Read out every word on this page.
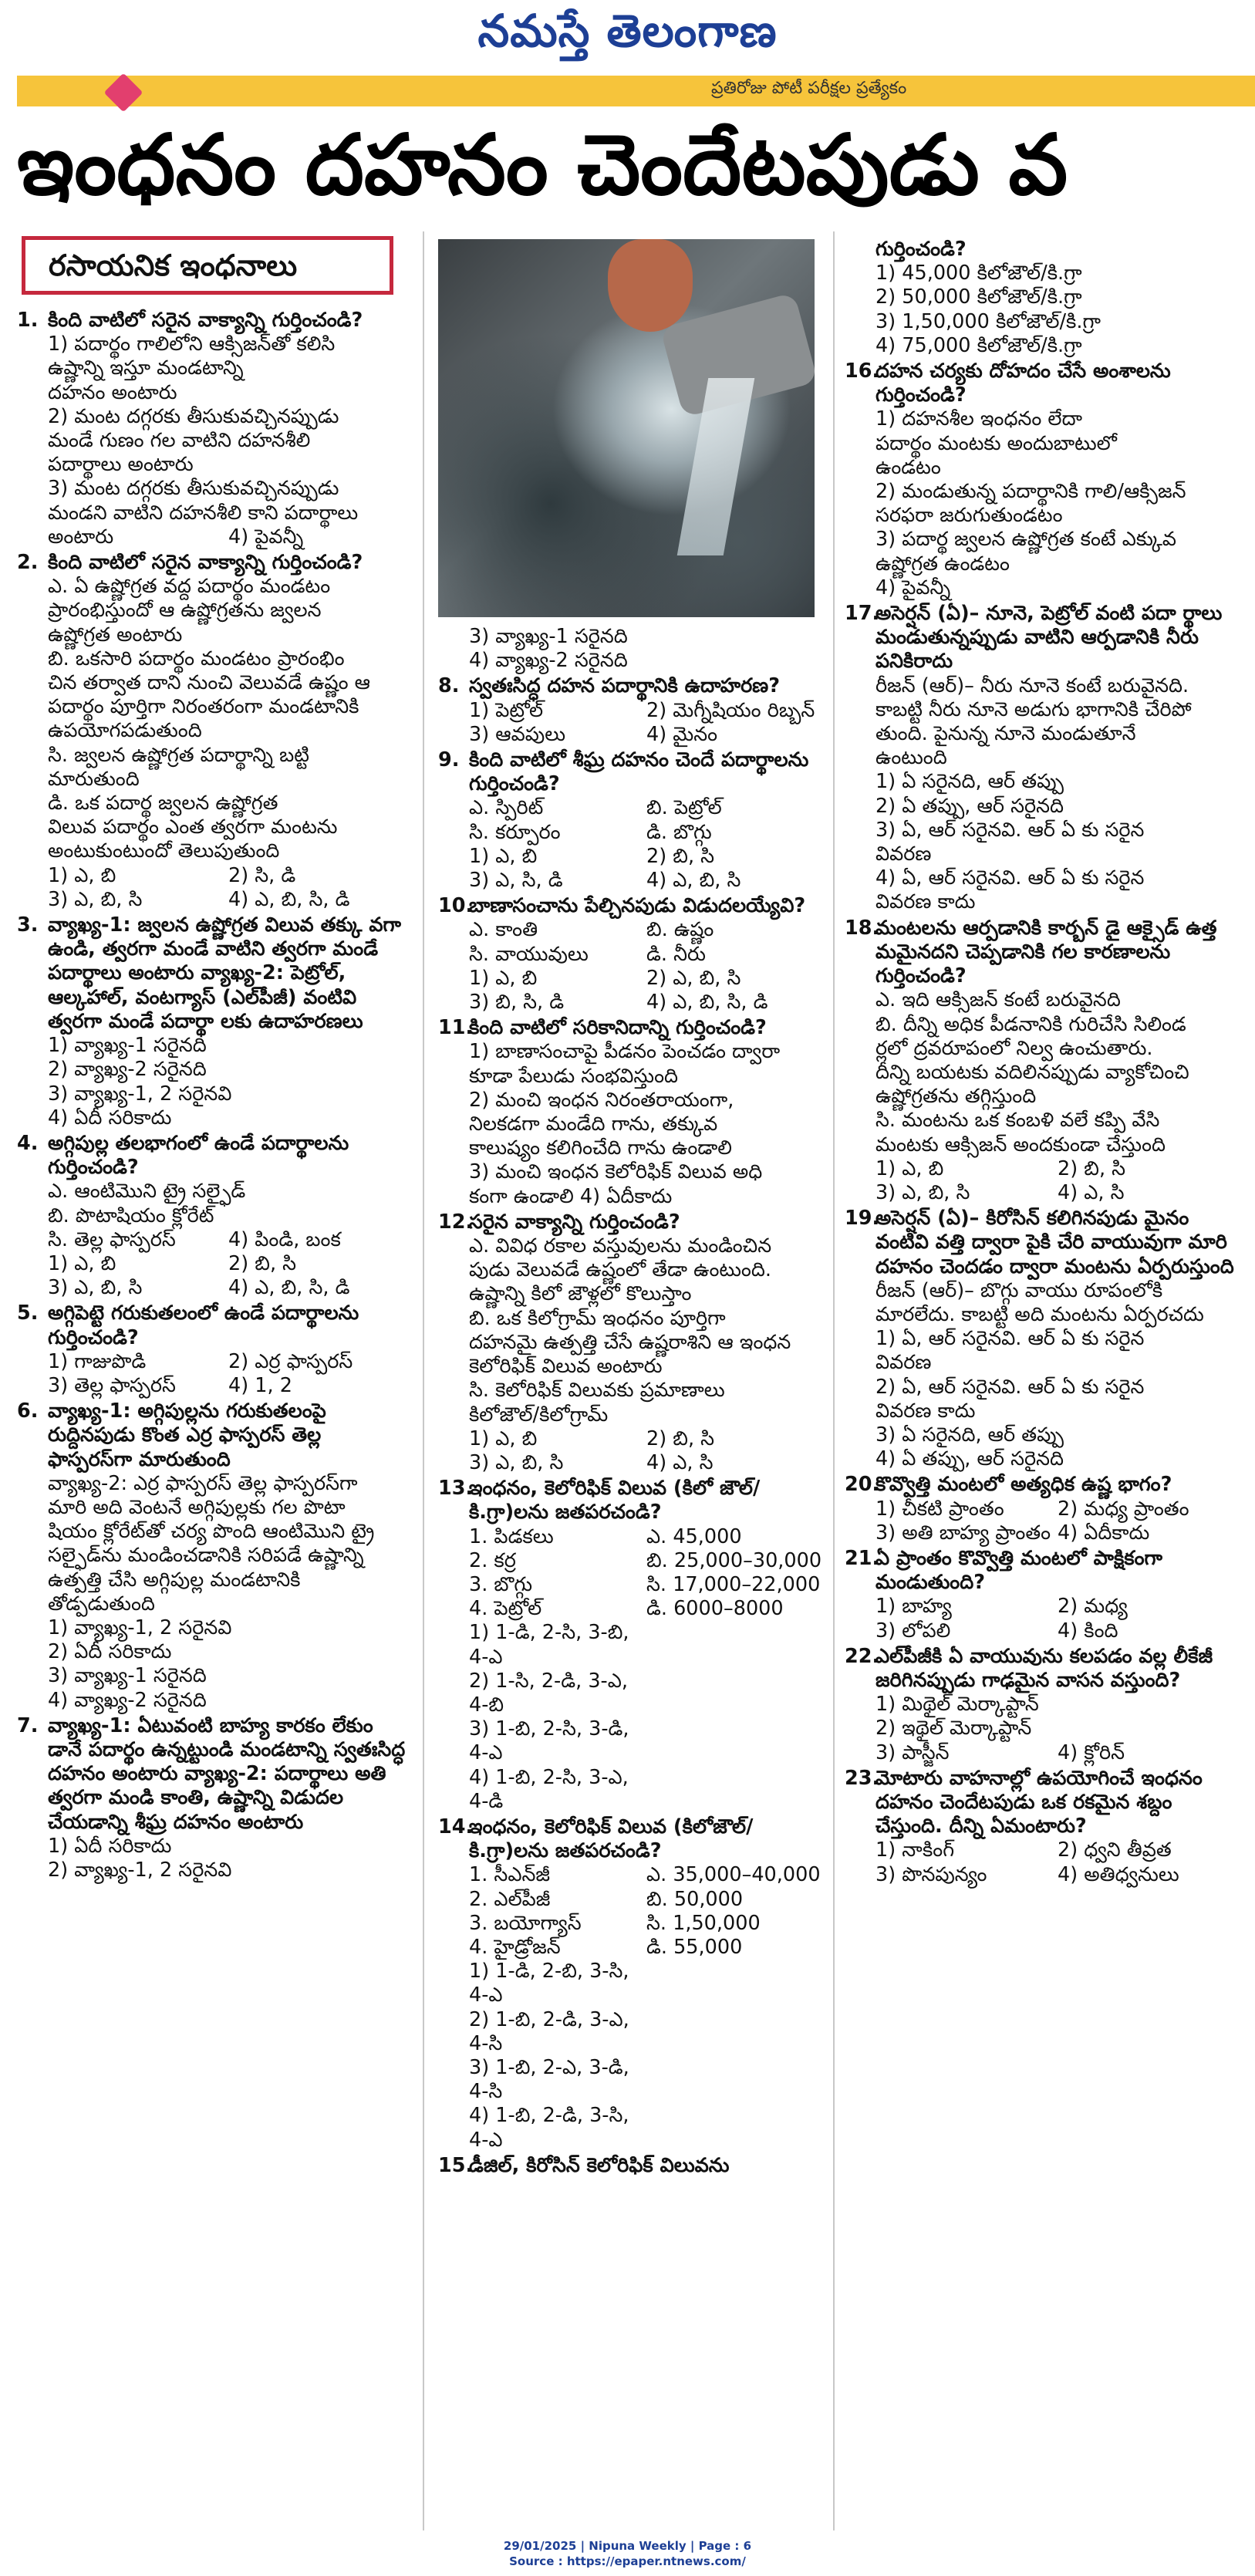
నమస్తే తెలంగాణ
ప్రతిరోజు పోటీ పరీక్షల ప్రత్యేకం
ఇంధనం దహనం చెందేటపుడు వ
రసాయనిక ఇంధనాలు
1. కింది వాటిలో సరైన వాక్యాన్ని గుర్తించండి?
1) పదార్థం గాలిలోని ఆక్సిజన్‌తో కలిసి
ఉష్ణాన్ని ఇస్తూ మండటాన్ని
దహనం అంటారు
2) మంట దగ్గరకు తీసుకువచ్చినప్పుడు
మండే గుణం గల వాటిని దహనశీలి
పదార్థాలు అంటారు
3) మంట దగ్గరకు తీసుకువచ్చినప్పుడు
మండని వాటిని దహనశీలి కాని పదార్థాలు
అంటారు	4) పైవన్నీ
2. కింది వాటిలో సరైన వాక్యాన్ని గుర్తించండి?
ఎ. ఏ ఉష్ణోగ్రత వద్ద పదార్థం మండటం
ప్రారంభిస్తుందో ఆ ఉష్ణోగ్రతను జ్వలన
ఉష్ణోగ్రత అంటారు
బి. ఒకసారి పదార్థం మండటం ప్రారంభిం
చిన తర్వాత దాని నుంచి వెలువడే ఉష్ణం ఆ
పదార్థం పూర్తిగా నిరంతరంగా మండటానికి
ఉపయోగపడుతుంది
సి. జ్వలన ఉష్ణోగ్రత పదార్థాన్ని బట్టి
మారుతుంది
డి. ఒక పదార్థ జ్వలన ఉష్ణోగ్రత
విలువ పదార్థం ఎంత త్వరగా మంటను
అంటుకుంటుందో తెలుపుతుంది
1) ఎ, బి	2) సి, డి
3) ఎ, బి, సి	4) ఎ, బి, సి, డి
3. వ్యాఖ్య-1: జ్వలన ఉష్ణోగ్రత విలువ తక్కు వగా ఉండి, త్వరగా మండే వాటిని త్వరగా మండే పదార్థాలు అంటారు వ్యాఖ్య-2: పెట్రోల్, ఆల్కహాల్, వంటగ్యాస్ (ఎల్‌పీజీ) వంటివి త్వరగా మండే పదార్థా లకు ఉదాహరణలు
1) వ్యాఖ్య-1 సరైనది
2) వ్యాఖ్య-2 సరైనది
3) వ్యాఖ్య-1, 2 సరైనవి
4) ఏదీ సరికాదు
4. అగ్గిపుల్ల తలభాగంలో ఉండే పదార్థాలను గుర్తించండి?
ఎ. ఆంటిమొని ట్రై సల్ఫైడ్
బి. పొటాషియం క్లోరేట్
సి. తెల్ల ఫాస్పరస్	4) పిండి, బంక
1) ఎ, బి	2) బి, సి
3) ఎ, బి, సి	4) ఎ, బి, సి, డి
5. అగ్గిపెట్టె గరుకుతలంలో ఉండే పదార్థాలను గుర్తించండి?
1) గాజుపొడి	2) ఎర్ర ఫాస్పరస్
3) తెల్ల ఫాస్పరస్	4) 1, 2
6. వ్యాఖ్య-1: అగ్గిపుల్లను గరుకుతలంపై రుద్దినపుడు కొంత ఎర్ర ఫాస్పరస్ తెల్ల ఫాస్పరస్‌గా మారుతుంది
వ్యాఖ్య-2: ఎర్ర ఫాస్పరస్ తెల్ల ఫాస్పరస్‌గా
మారి అది వెంటనే అగ్గిపుల్లకు గల పొటా
షియం క్లోరేట్‌తో చర్య పొంది ఆంటిమొని ట్రై
సల్ఫైడ్‌ను మండించడానికి సరిపడే ఉష్ణాన్ని
ఉత్పత్తి చేసి అగ్గిపుల్ల మండటానికి
తోడ్పడుతుంది
1) వ్యాఖ్య-1, 2 సరైనవి
2) ఏదీ సరికాదు
3) వ్యాఖ్య-1 సరైనది
4) వ్యాఖ్య-2 సరైనది
7. వ్యాఖ్య-1: ఏటువంటి బాహ్య కారకం లేకుం డానే పదార్థం ఉన్నట్టుండి మండటాన్ని స్వతఃసిద్ధ దహనం అంటారు వ్యాఖ్య-2: పదార్థాలు అతి త్వరగా మండి కాంతి, ఉష్ణాన్ని విడుదల చేయడాన్ని శీఘ్ర దహనం అంటారు
1) ఏదీ సరికాదు
2) వ్యాఖ్య-1, 2 సరైనవి
3) వ్యాఖ్య-1 సరైనది
4) వ్యాఖ్య-2 సరైనది
8. స్వతఃసిద్ధ దహన పదార్థానికి ఉదాహరణ?
1) పెట్రోల్	2) మెగ్నీషియం రిబ్బన్
3) ఆవపులు	4) మైనం
9. కింది వాటిలో శీఘ్ర దహనం చెందే పదార్థాలను గుర్తించండి?
ఎ. స్పిరిట్	బి. పెట్రోల్
సి. కర్పూరం	డి. బొగ్గు
1) ఎ, బి	2) బి, సి
3) ఎ, సి, డి	4) ఎ, బి, సి
10.
బాణాసంచాను పేల్చినపుడు విడుదలయ్యేవి?
ఎ. కాంతి	బి. ఉష్ణం
సి. వాయువులు	డి. నీరు
1) ఎ, బి	2) ఎ, బి, సి
3) బి, సి, డి	4) ఎ, బి, సి, డి
11.
కింది వాటిలో సరికానిదాన్ని గుర్తించండి?
1) బాణాసంచాపై పీడనం పెంచడం ద్వారా
కూడా పేలుడు సంభవిస్తుంది
2) మంచి ఇంధన నిరంతరాయంగా,
నిలకడగా మండేది గాను, తక్కువ
కాలుష్యం కలిగించేది గాను ఉండాలి
3) మంచి ఇంధన కెలోరిఫిక్ విలువ అధి
కంగా ఉండాలి 4) ఏదీకాదు
12.
సరైన వాక్యాన్ని గుర్తించండి?
ఎ. వివిధ రకాల వస్తువులను మండించిన
పుడు వెలువడే ఉష్ణంలో తేడా ఉంటుంది.
ఉష్ణాన్ని కిలో జౌళ్లలో కొలుస్తాం
బి. ఒక కిలోగ్రామ్ ఇంధనం పూర్తిగా
దహనమై ఉత్పత్తి చేసే ఉష్ణరాశిని ఆ ఇంధన
కెలోరిఫిక్ విలువ అంటారు
సి. కెలోరిఫిక్ విలువకు ప్రమాణాలు
కిలోజౌల్/కిలోగ్రామ్
1) ఎ, బి	2) బి, సి
3) ఎ, బి, సి	4) ఎ, సి
13.
ఇంధనం, కెలోరిఫిక్ విలువ (కిలో జౌల్/ కి.గ్రా)లను జతపరచండి?
1. పిడకలు	ఎ. 45,000
2. కర్ర	బి. 25,000–30,000
3. బొగ్గు	సి. 17,000–22,000
4. పెట్రోల్	డి. 6000–8000
1) 1-డి, 2-సి, 3-బి, 4-ఎ
2) 1-సి, 2-డి, 3-ఎ, 4-బి
3) 1-బి, 2-సి, 3-డి, 4-ఎ
4) 1-బి, 2-సి, 3-ఎ, 4-డి
14.
ఇంధనం, కెలోరిఫిక్ విలువ (కిలోజౌల్/ కి.గ్రా)లను జతపరచండి?
1. సీఎన్‌జీ	ఎ. 35,000–40,000
2. ఎల్‌పీజీ	బి. 50,000
3. బయోగ్యాస్	సి. 1,50,000
4. హైడ్రోజన్	డి. 55,000
1) 1-డి, 2-బి, 3-సి, 4-ఎ
2) 1-బి, 2-డి, 3-ఎ, 4-సి
3) 1-బి, 2-ఎ, 3-డి, 4-సి
4) 1-బి, 2-డి, 3-సి, 4-ఎ
15.
డీజిల్, కిరోసిన్ కెలోరిఫిక్ విలువను
గుర్తించండి?
1) 45,000 కిలోజౌల్/కి.గ్రా
2) 50,000 కిలోజౌల్/కి.గ్రా
3) 1,50,000 కిలోజౌల్/కి.గ్రా
4) 75,000 కిలోజౌల్/కి.గ్రా
16.
దహన చర్యకు దోహదం చేసే అంశాలను గుర్తించండి?
1) దహనశీల ఇంధనం లేదా
పదార్థం మంటకు అందుబాటులో
ఉండటం
2) మండుతున్న పదార్థానికి గాలి/ఆక్సిజన్
సరఫరా జరుగుతుండటం
3) పదార్థ జ్వలన ఉష్ణోగ్రత కంటే ఎక్కువ
ఉష్ణోగ్రత ఉండటం
4) పైవన్నీ
17.
అసెర్షన్ (ఏ)– నూనె, పెట్రోల్ వంటి పదా ర్థాలు మండుతున్నప్పుడు వాటిని ఆర్పడానికి నీరు పనికిరాదు
రీజన్ (ఆర్)– నీరు నూనె కంటే బరువైనది.
కాబట్టి నీరు నూనె అడుగు భాగానికి చేరిపో
తుంది. పైనున్న నూనె మండుతూనే
ఉంటుంది
1) ఏ సరైనది, ఆర్ తప్పు
2) ఏ తప్పు, ఆర్ సరైనది
3) ఏ, ఆర్ సరైనవి. ఆర్ ఏ కు సరైన
వివరణ
4) ఏ, ఆర్ సరైనవి. ఆర్ ఏ కు సరైన
వివరణ కాదు
18.
మంటలను ఆర్పడానికి కార్బన్ డై ఆక్సైడ్ ఉత్త మమైనదని చెప్పడానికి గల కారణాలను గుర్తించండి?
ఎ. ఇది ఆక్సిజన్ కంటే బరువైనది
బి. దీన్ని అధిక పీడనానికి గురిచేసి సిలిండ
ర్లలో ద్రవరూపంలో నిల్వ ఉంచుతారు.
దీన్ని బయటకు వదిలినప్పుడు వ్యాకోచించి
ఉష్ణోగ్రతను తగ్గిస్తుంది
సి. మంటను ఒక కంబళి వలే కప్పి వేసి
మంటకు ఆక్సిజన్ అందకుండా చేస్తుంది
1) ఎ, బి	2) బి, సి
3) ఎ, బి, సి	4) ఎ, సి
19.
అసెర్షన్ (ఏ)– కిరోసిన్ కలిగినపుడు మైనం వంటివి వత్తి ద్వారా పైకి చేరి వాయువుగా మారి దహనం చెందడం ద్వారా మంటను ఏర్పరుస్తుంది
రీజన్ (ఆర్)– బొగ్గు వాయు రూపంలోకి
మారలేదు. కాబట్టి అది మంటను ఏర్పరచదు
1) ఏ, ఆర్ సరైనవి. ఆర్ ఏ కు సరైన
వివరణ
2) ఏ, ఆర్ సరైనవి. ఆర్ ఏ కు సరైన
వివరణ కాదు
3) ఏ సరైనది, ఆర్ తప్పు
4) ఏ తప్పు, ఆర్ సరైనది
20.
కొవ్వొత్తి మంటలో అత్యధిక ఉష్ణ భాగం?
1) చీకటి ప్రాంతం	2) మధ్య ప్రాంతం
3) అతి బాహ్య ప్రాంతం 4) ఏదీకాదు
21.
ఏ ప్రాంతం కొవ్వొత్తి మంటలో పాక్షికంగా మండుతుంది?
1) బాహ్య	2) మధ్య
3) లోపలి	4) కింది
22.
ఎల్‌పీజీకి ఏ వాయువును కలపడం వల్ల లీకేజీ జరిగినప్పుడు గాఢమైన వాసన వస్తుంది?
1) మిథైల్ మెర్కాప్టాన్
2) ఇథైల్ మెర్కాప్టాన్
3) పాస్జీన్	4) క్లోరిన్
23.
మోటారు వాహనాల్లో ఉపయోగించే ఇంధనం దహనం చెందేటపుడు ఒక రకమైన శబ్దం చేస్తుంది. దీన్ని ఏమంటారు?
1) నాకింగ్	2) ధ్వని తీవ్రత
3) పొనపున్యం	4) అతిధ్వనులు
29/01/2025 | Nipuna Weekly | Page : 6
Source : https://epaper.ntnews.com/
